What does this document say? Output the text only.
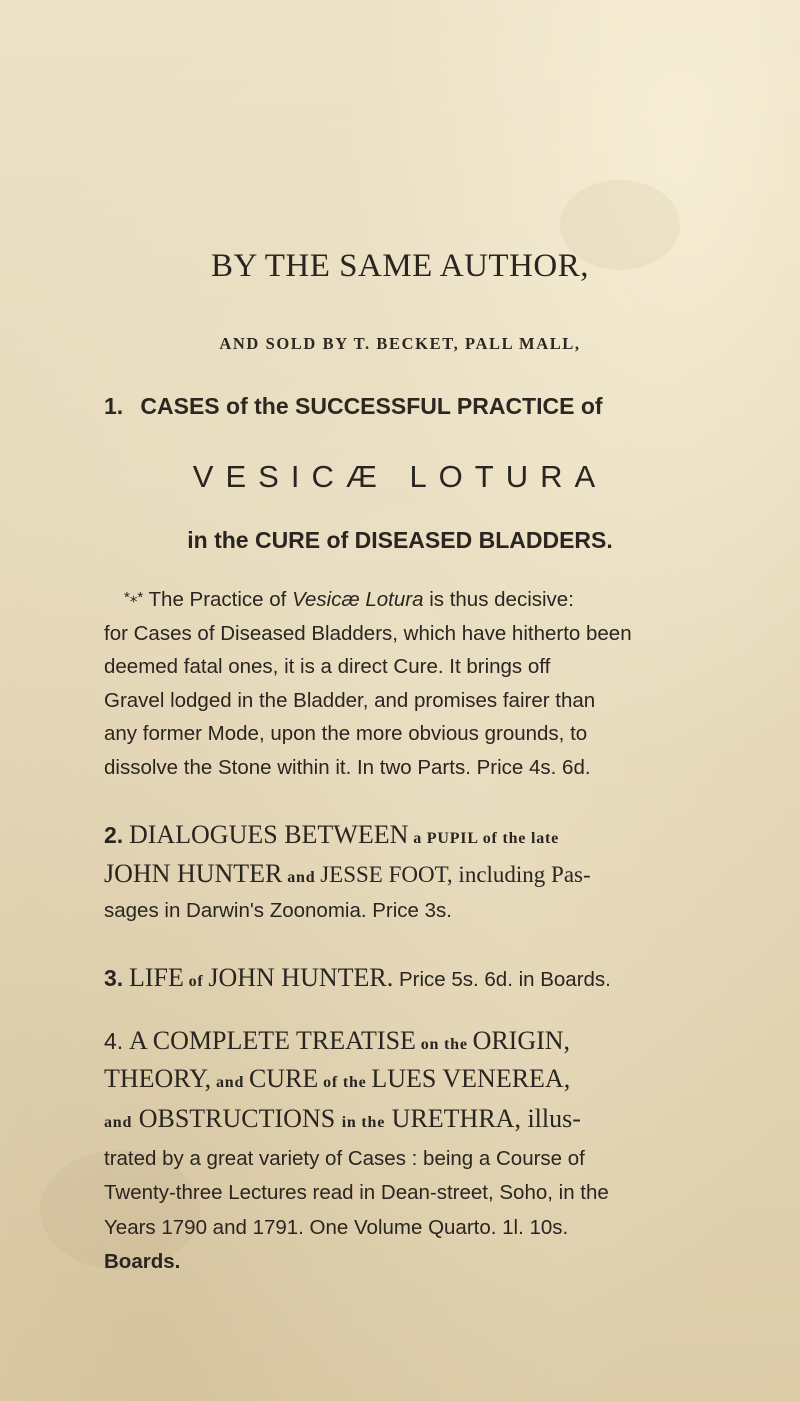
BY THE SAME AUTHOR,
AND SOLD BY T. BECKET, PALL MALL,
1. CASES of the SUCCESSFUL PRACTICE of
VESICÆ LOTURA
in the CURE of DISEASED BLADDERS.
*⁎* The Practice of Vesicæ Lotura is thus decisive:
for Cases of Diseased Bladders, which have hitherto been
deemed fatal ones, it is a direct Cure. It brings off
Gravel lodged in the Bladder, and promises fairer than
any former Mode, upon the more obvious grounds, to
dissolve the Stone within it. In two Parts. Price 4s. 6d.
2. DIALOGUES BETWEEN a PUPIL of the late
JOHN HUNTER and JESSE FOOT, including Pas-
sages in Darwin's Zoonomia. Price 3s.
3. LIFE of JOHN HUNTER. Price 5s. 6d. in Boards.
4. A COMPLETE TREATISE on the ORIGIN,
THEORY, and CURE of the LUES VENEREA,
and OBSTRUCTIONS in the URETHRA, illus-
trated by a great variety of Cases : being a Course of
Twenty-three Lectures read in Dean-street, Soho, in the
Years 1790 and 1791. One Volume Quarto. 1l. 10s.
Boards.
